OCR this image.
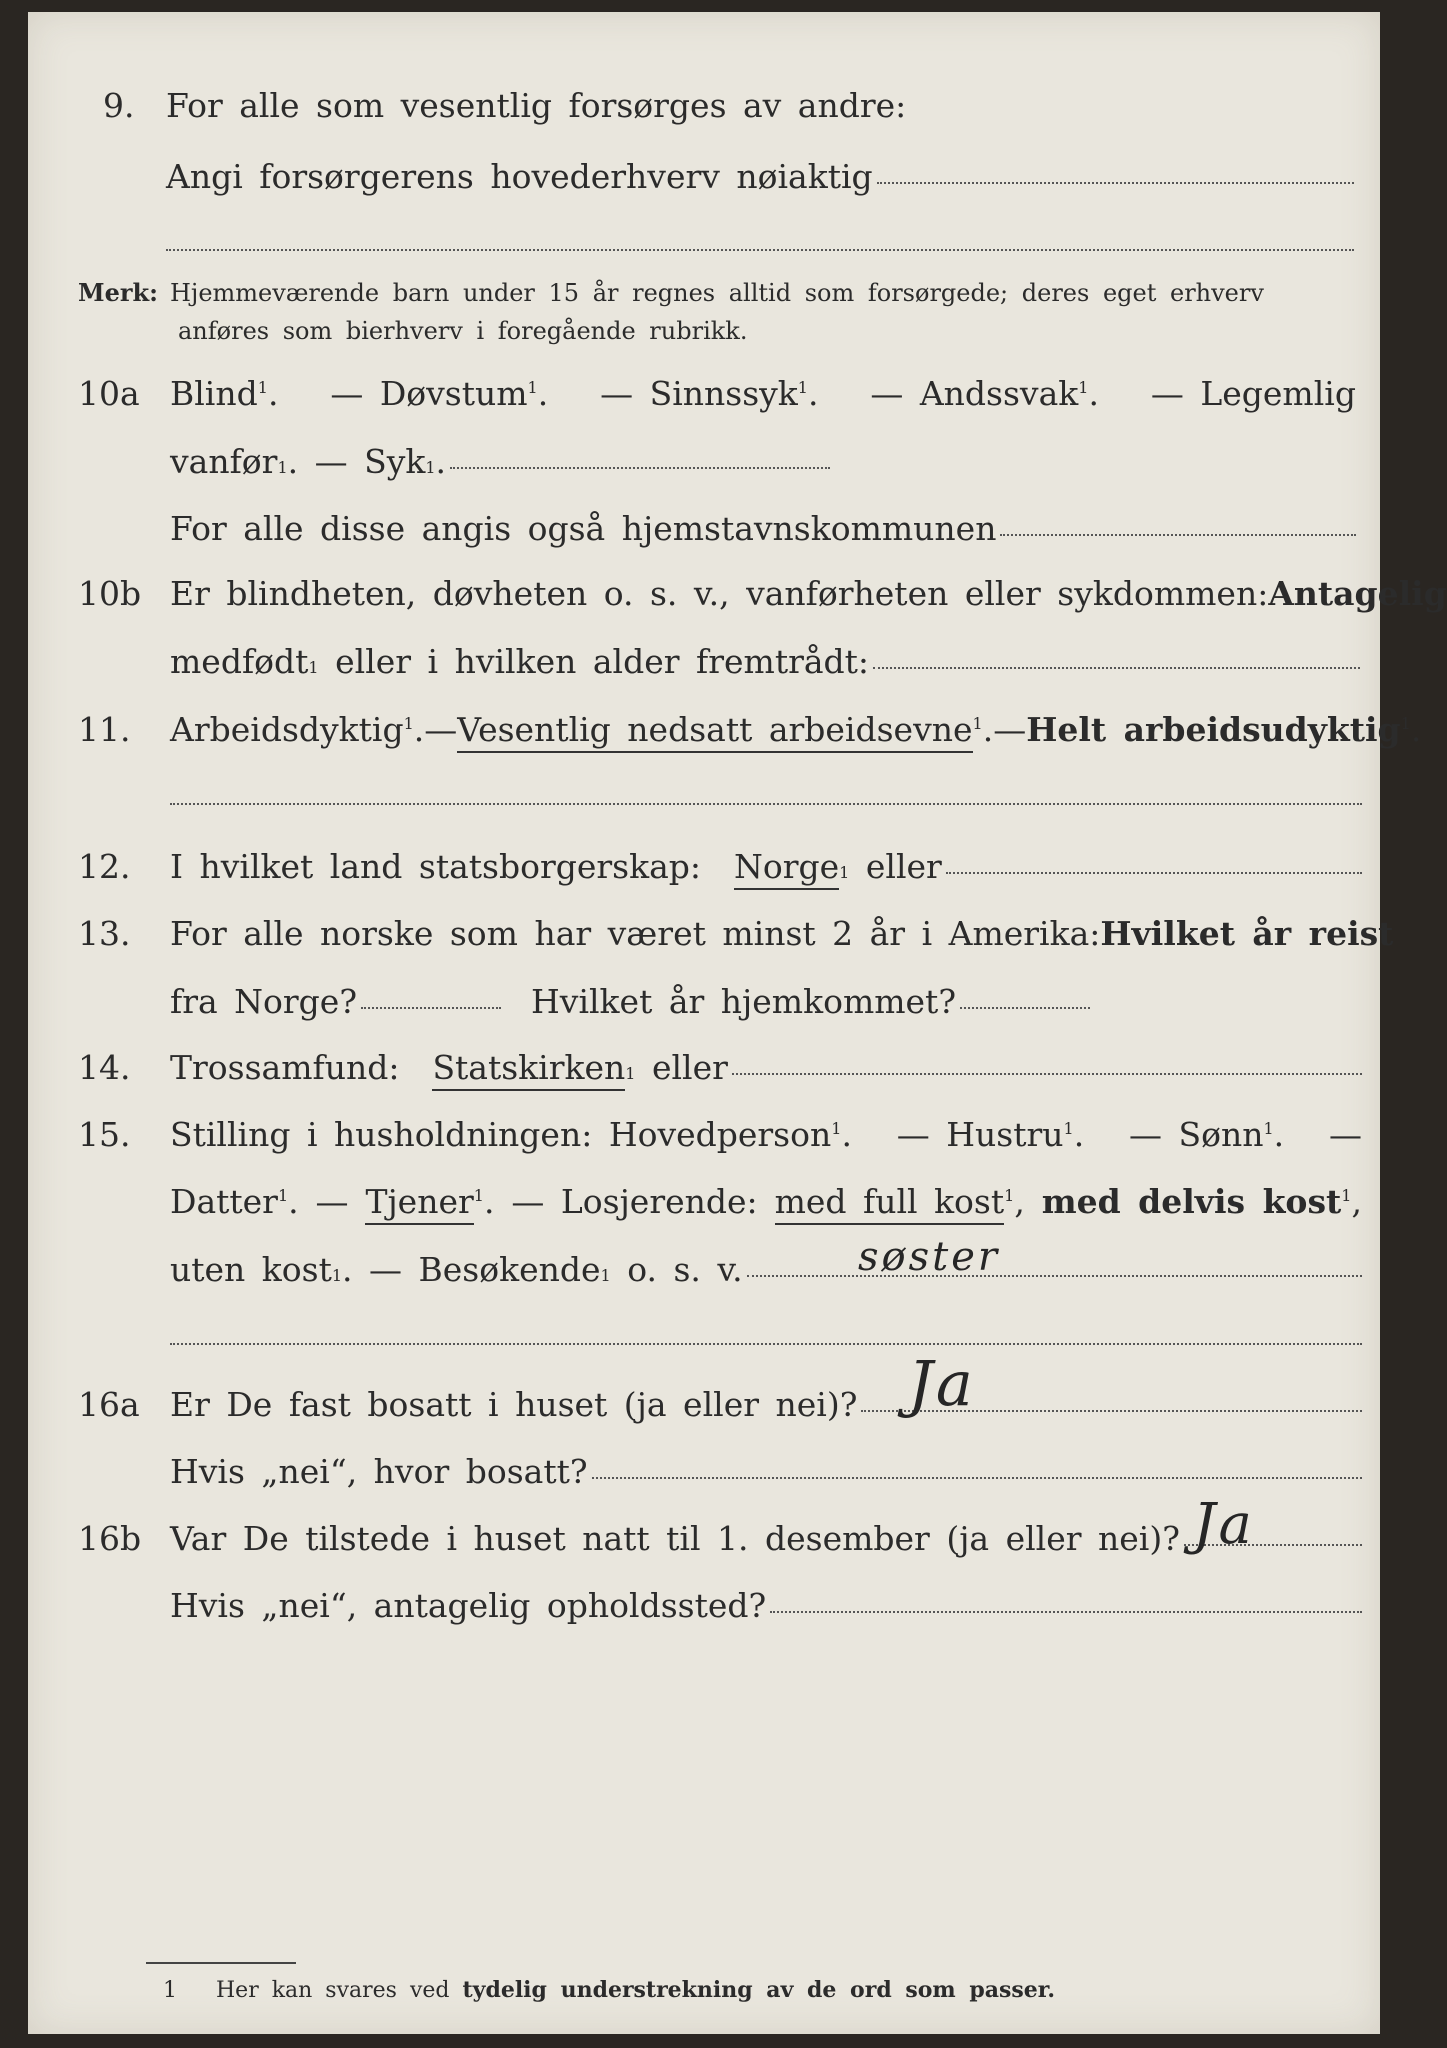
9. For alle som vesentlig forsørges av andre:
Angi forsørgerens hovederhverv nøiaktig
Merk: Hjemmeværende barn under 15 år regnes alltid som forsørgede; deres eget erhverv
anføres som bierhverv i foregående rubrikk.
10a Blind$^1$. — Døvstum$^1$. — Sinnssyk$^1$. — Andssvak$^1$. — Legemlig
vanfør 1 . — Syk 1 .
For alle disse angis også hjemstavnskommunen
10b Er blindheten, døvheten o. s. v., vanførheten eller sykdommen: Antagelig
medfødt 1
eller i hvilken alder fremtrådt:
11. Arbeidsdyktig$^1$. — Vesentlig nedsatt arbeidsevne$^1$. — Helt arbeidsudyktig$^1$.
12. I hvilket land statsborgerskap:
Norge 1
eller
13. For alle norske som har været minst 2 år i Amerika: Hvilket år reist
fra Norge?	Hvilket år hjemkommet?
14. Trossamfund:
Statskirken 1
eller
15. Stilling i husholdningen: Hovedperson$^1$. — Hustru$^1$. — Sønn$^1$. —
Datter$^1$. — Tjener$^1$. — Losjerende: med full kost$^1$, med delvis kost$^1$,
uten kost 1 . — Besøkende 1
o. s. v.	søster
16a Er De fast bosatt i huset (ja eller nei)? Ja
Hvis „nei“, hvor bosatt?
16b Var De tilstede i huset natt til 1. desember (ja eller nei)? Ja
Hvis „nei“, antagelig opholdssted?
1
Her kan svares ved
tydelig understrekning av de ord som passer.
